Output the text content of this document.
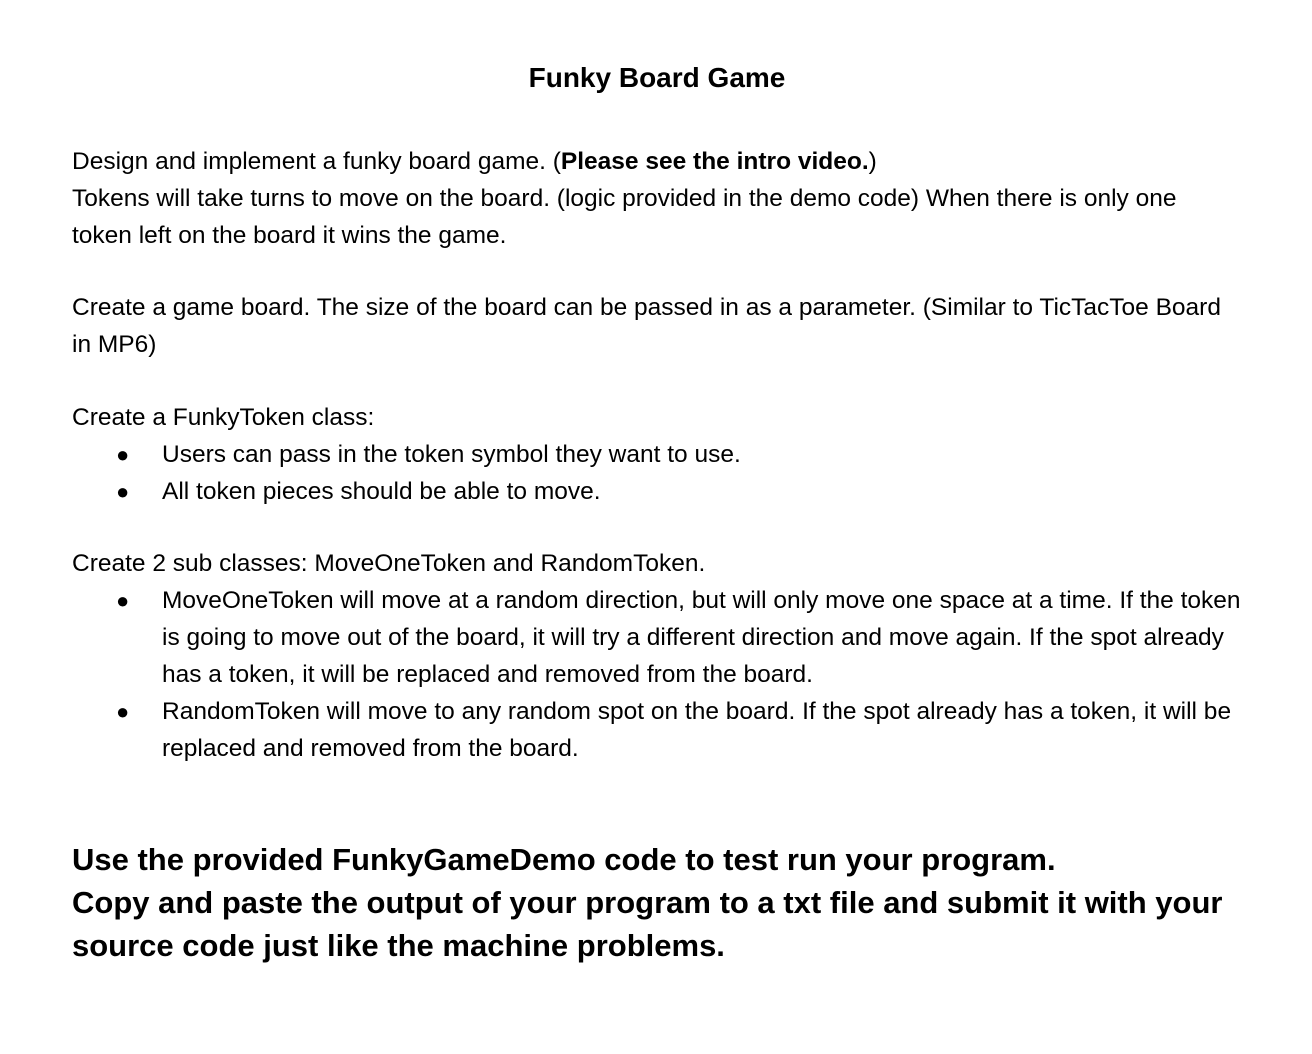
Funky Board Game
Design and implement a funky board game. (Please see the intro video.)
Tokens will take turns to move on the board. (logic provided in the demo code) When there is only one token left on the board it wins the game.
Create a game board. The size of the board can be passed in as a parameter. (Similar to TicTacToe Board in MP6)
Create a FunkyToken class:
● Users can pass in the token symbol they want to use.
● All token pieces should be able to move.
Create 2 sub classes: MoveOneToken and RandomToken.
● MoveOneToken will move at a random direction, but will only move one space at a time. If the token is going to move out of the board, it will try a different direction and move again. If the spot already has a token, it will be replaced and removed from the board.
● RandomToken will move to any random spot on the board. If the spot already has a token, it will be replaced and removed from the board.
Use the provided FunkyGameDemo code to test run your program.
Copy and paste the output of your program to a txt file and submit it with your source code just like the machine problems.
